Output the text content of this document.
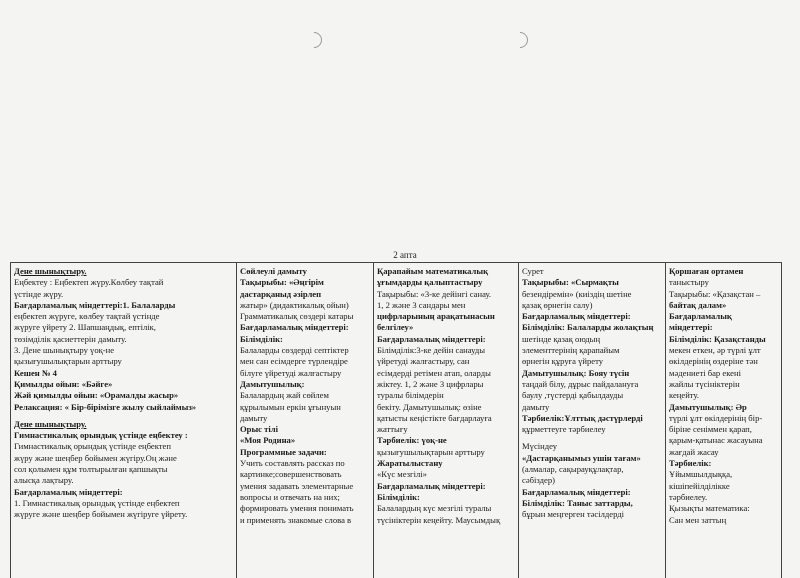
2 апта

Дене шынықтыру.

Еңбектеу : Еңбектеп жүру.Көлбеу тақтай

үстінде жүру.

Бағдарламалық міндеттері:1. Балаларды

еңбектеп жүруге, көлбеу тақтай үстінде

жүруге үйрету 2. Шапшаңдық, ептілік,

төзімділік қасиеттерін дамыту.

3. Дене шынықтыру үоқ-не

қызығушылықтарын арттыру

Кешен № 4

Қимылды ойын: «Бәйге»

Жәй қимылды ойын: «Орамалды жасыр»

Релаксация: « Бір-бірімізге жылу сыйлаймыз»

Дене шынықтыру.

Гимнастикалық орындық үстінде еңбектеу :

Гимнастикалық орындық үстінде еңбектеп

жүру және шеңбер бойымен жүгіру.Оң және

сол қолымен құм толтырылған қапшықты

алысқа лақтыру.

Бағдарламалық міндеттері:

1. Гимнастикалық орындық үстінде еңбектеп

жүруге және шеңбер бойымен жүгіруге үйрету.

Сөйлеулі дамыту

Тақырыбы: «Әңгірім

дастарқаныд әзірлеп

жатыр» (дидактикалық ойын)

Грамматикалық сөздері катары

Бағдарламалық міндеттері:

Білімділік:

Балаларды сөздерді септіктер

мен сан есімдерге түрлендіре

білуге үйретуді жалғастыру

Дамытушылық:

Балалардың жай сөйлем

құрылымын еркін ұғынуын

дамыту

Орыс тілі

«Моя Родина»

Программные задачи:

Учить составлять рассказ по

картинке;совершенствовать

умения задавать элементарные

вопросы и отвечать на них;

формировать умения понимать

и применять знакомые слова в

Қарапайым математикалық

ұғымдарды қалыптастыру

Тақырыбы: «3-ке дейінгі санау.

1, 2 және 3 сандары мен

цифрларының арақатынасын

белгілеу»

Бағдарламалық міндеттері:

Білімділік:3-ке дейін санауды

үйретуді жалғастыру, сан

есімдерді ретімен атап, оларды

жіктеу. 1, 2 және 3 цифрлары

туралы білімдерін

бекіту. Дамытушылық: өзіне

қатысты кеңістікте бағдарлауға

жаттығу

Тәрбиелік: үоқ-не

қызығушылықтарын арттыру

Жаратылыстану

«Күс мезгілі»

Бағдарламалық міндеттері:

Білімділік:

Балалардың күс мезгілі туралы

түсініктерін кеңейту. Маусымдық

Сурет

Тақырыбы: «Сырмақты

безендіремін» (киіздің шетіне

қазақ өрнегін салу)

Бағдарламалық міндеттері:

Білімділік: Балаларды жолақтың

шетінде қазақ оюдың

элементтерінің қарапайым

өрнегін құруға үйрету

Дамытушылық: Бояу түсін

таңдай білу, дұрыс пайдалануға

баулу ,түстерді қабылдауды

дамыту

Тәрбиелік:Ұлттық дәстүрлерді

құрметтеуге тәрбиелеу

Мүсіндеу

«Дастарқанымыз ушін тағам»

(алмалар, сақырауқұлақтар,

сәбіздер)

Бағдарламалық міндеттері:

Білімділік: Таныс заттарды,

бұрын меңгерген тәсілдерді

Қоршаған ортамен

таныстыру

Тақырыбы: «Қазақстан –

байтақ далам»

Бағдарламалық

міндеттері:

Білімділік: Қазақстанды

мекен еткен, әр түрлі ұлт

өкілдерінің өздеріне тән

мәдениеті бар екені

жайлы түсініктерін

кеңейту.

Дамытушылық: Әр

түрлі ұлт өкілдерінің бір-

біріне сеніммен қарап,

қарым-қатынас жасауына

жағдай жасау

Тәрбиелік:

Ұйымшылдыққа,

кішіпейілділікке

тәрбиелеу.

Қызықты математика:

Сан мен заттың
